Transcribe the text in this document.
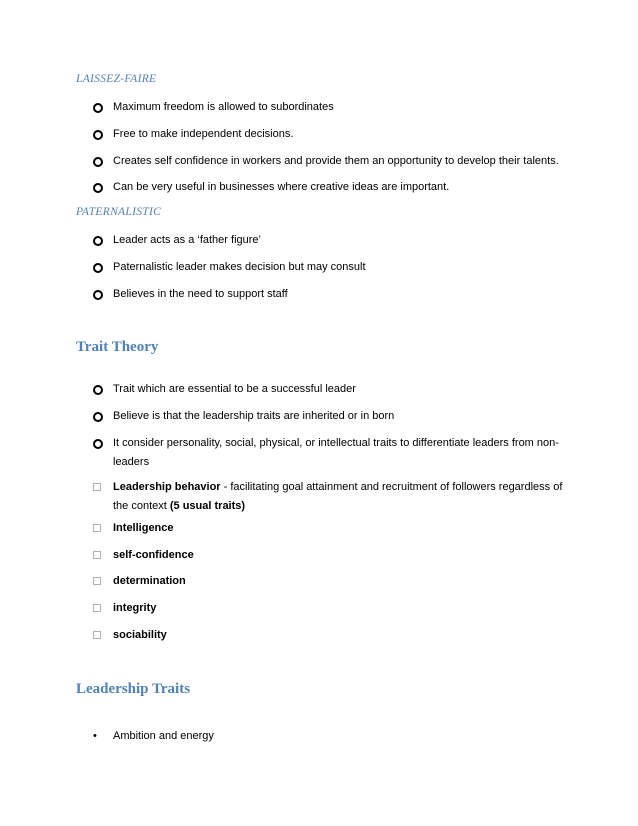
LAISSEZ-FAIRE
Maximum freedom is allowed to subordinates
Free to make independent decisions.
Creates self confidence in workers and provide them an opportunity to develop their talents.
Can be very useful in businesses where creative ideas are important.
PATERNALISTIC
Leader acts as a ‘father figure’
Paternalistic leader makes decision but may consult
Believes in the need to support staff
Trait Theory
Trait which are essential to be a successful leader
Believe is that the leadership traits are inherited or in born
It consider personality, social, physical, or intellectual traits to differentiate leaders from non-leaders
Leadership behavior - facilitating goal attainment and recruitment of followers regardless of the context (5 usual traits)
Intelligence
self-confidence
determination
integrity
sociability
Leadership Traits
• Ambition and energy
